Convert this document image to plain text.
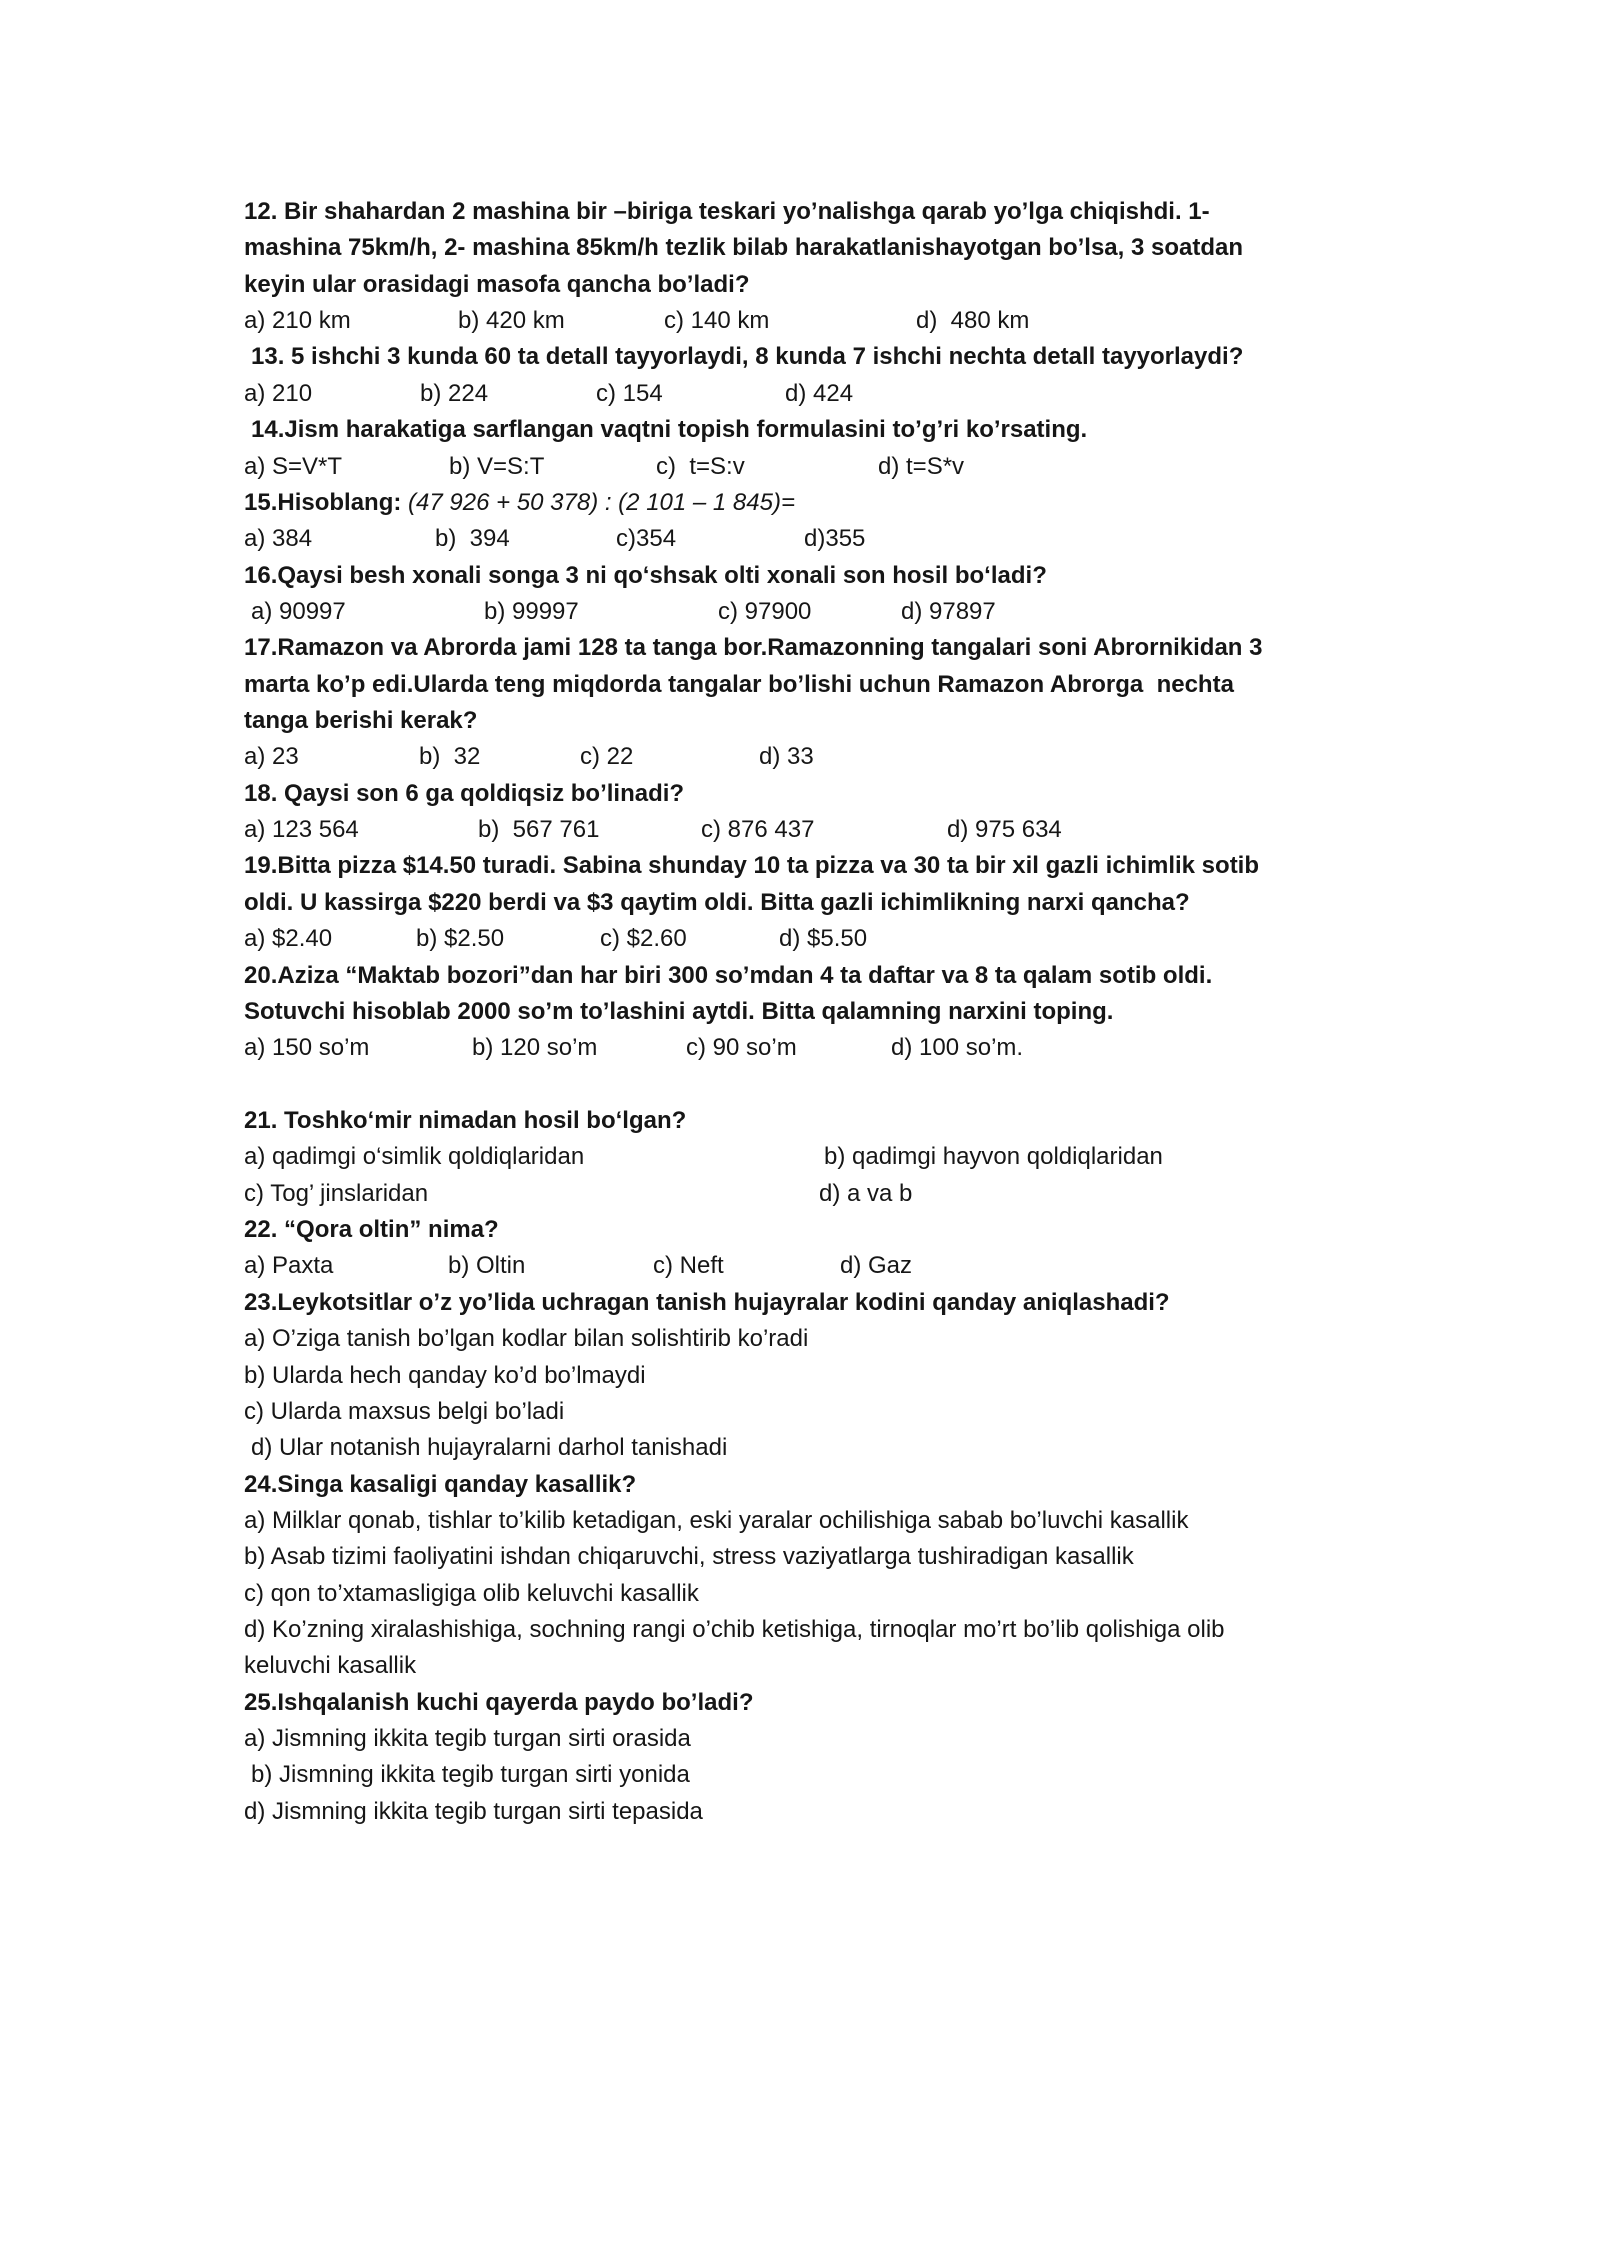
12. Bir shahardan 2 mashina bir –biriga teskari yo’nalishga qarab yo’lga chiqishdi. 1-
mashina 75km/h, 2- mashina 85km/h tezlik bilab harakatlanishayotgan bo’lsa, 3 soatdan
keyin ular orasidagi masofa qancha bo’ladi?
a) 210 km	b) 420 km	c) 140 km	d)  480 km
13. 5 ishchi 3 kunda 60 ta detall tayyorlaydi, 8 kunda 7 ishchi nechta detall tayyorlaydi?
a) 210	b) 224	c) 154	d) 424
14.Jism harakatiga sarflangan vaqtni topish formulasini to’g’ri ko’rsating.
a) S=V*T	b) V=S:T	c)  t=S:v	d) t=S*v
15.Hisoblang: (47 926 + 50 378) : (2 101 – 1 845)=
a) 384	b)  394	c)354	d)355
16.Qaysi besh xonali songa 3 ni qo‘shsak olti xonali son hosil bo‘ladi?
a) 90997	b) 99997	c) 97900	d) 97897
17.Ramazon va Abrorda jami 128 ta tanga bor.Ramazonning tangalari soni Abrornikidan 3
marta ko’p edi.Ularda teng miqdorda tangalar bo’lishi uchun Ramazon Abrorga  nechta
tanga berishi kerak?
a) 23	b)  32	c) 22	d) 33
18. Qaysi son 6 ga qoldiqsiz bo’linadi?
a) 123 564	b)  567 761	c) 876 437	d) 975 634
19.Bitta pizza $14.50 turadi. Sabina shunday 10 ta pizza va 30 ta bir xil gazli ichimlik sotib
oldi. U kassirga $220 berdi va $3 qaytim oldi. Bitta gazli ichimlikning narxi qancha?
a) $2.40	b) $2.50	c) $2.60	d) $5.50
20.Aziza “Maktab bozori”dan har biri 300 so’mdan 4 ta daftar va 8 ta qalam sotib oldi.
Sotuvchi hisoblab 2000 so’m to’lashini aytdi. Bitta qalamning narxini toping.
a) 150 so’m	b) 120 so’m	c) 90 so’m	d) 100 so’m.
21. Toshko‘mir nimadan hosil bo‘lgan?
a) qadimgi o‘simlik qoldiqlaridan	b) qadimgi hayvon qoldiqlaridan
c) Tog’ jinslaridan	d) a va b
22. “Qora oltin” nima?
a) Paxta	b) Oltin	c) Neft	d) Gaz
23.Leykotsitlar o’z yo’lida uchragan tanish hujayralar kodini qanday aniqlashadi?
a) O’ziga tanish bo’lgan kodlar bilan solishtirib ko’radi
b) Ularda hech qanday ko’d bo’lmaydi
c) Ularda maxsus belgi bo’ladi
d) Ular notanish hujayralarni darhol tanishadi
24.Singa kasaligi qanday kasallik?
a) Milklar qonab, tishlar to’kilib ketadigan, eski yaralar ochilishiga sabab bo’luvchi kasallik
b) Asab tizimi faoliyatini ishdan chiqaruvchi, stress vaziyatlarga tushiradigan kasallik
c) qon to’xtamasligiga olib keluvchi kasallik
d) Ko’zning xiralashishiga, sochning rangi o’chib ketishiga, tirnoqlar mo’rt bo’lib qolishiga olib
keluvchi kasallik
25.Ishqalanish kuchi qayerda paydo bo’ladi?
a) Jismning ikkita tegib turgan sirti orasida
b) Jismning ikkita tegib turgan sirti yonida
d) Jismning ikkita tegib turgan sirti tepasida
